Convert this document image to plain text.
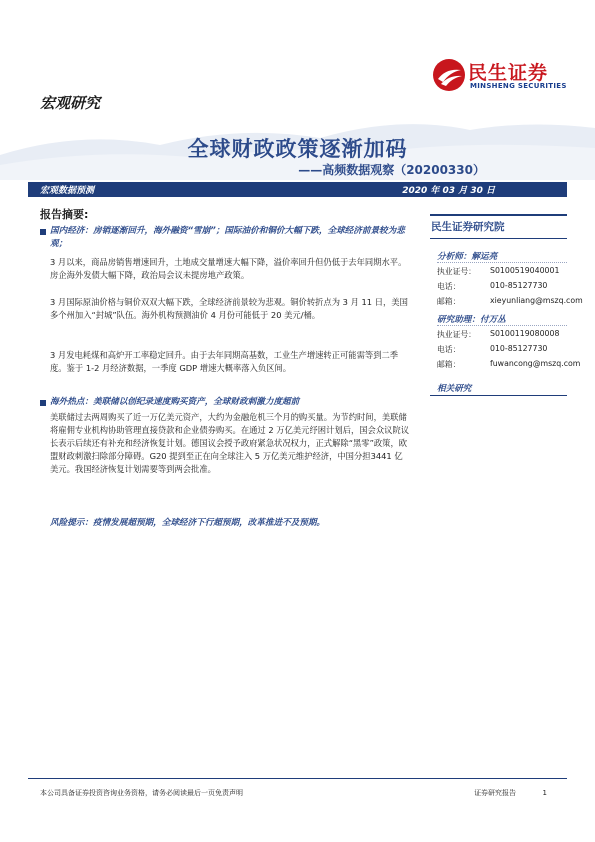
民生证券
MINSHENG SECURITIES
宏观研究
全球财政政策逐渐加码
——高频数据观察（20200330）
宏观数据预测	2020 年 03 月 30 日
报告摘要:
国内经济：房销逐渐回升，海外融资“雪崩”；国际油价和铜价大幅下跌，全球经济前景较为悲观；
3 月以来，商品房销售增速回升，土地成交量增速大幅下降，溢价率回升但仍低于去年同期水平。房企海外发债大幅下降，政治局会议未提房地产政策。
3 月国际原油价格与铜价双双大幅下跌，全球经济前景较为悲观。铜价转折点为 3 月 11 日，美国多个州加入“封城”队伍。海外机构预测油价 4 月份可能低于 20 美元/桶。
3 月发电耗煤和高炉开工率稳定回升。由于去年同期高基数，工业生产增速转正可能需等到二季度。鉴于 1-2 月经济数据，一季度 GDP 增速大概率落入负区间。
海外热点：美联储以创纪录速度购买资产，全球财政刺激力度超前
美联储过去两周购买了近一万亿美元资产，大约为金融危机三个月的购买量。为节约时间，美联储将雇佣专业机构协助管理直接贷款和企业债券购买。在通过 2 万亿美元纾困计划后，国会众议院议长表示后续还有补充和经济恢复计划。德国议会授予政府紧急状况权力，正式解除“黑零”政策，欧盟财政刺激扫除部分障碍。G20 提到至正在向全球注入 5 万亿美元维护经济，中国分担3441 亿美元。我国经济恢复计划需要等到两会批准。
风险提示：疫情发展超预期，全球经济下行超预期，改革推进不及预期。
民生证券研究院
分析师：解运亮
执业证号： S0100519040001
电话：	010-85127730
邮箱：	xieyunliang@mszq.com
研究助理：付万丛
执业证号： S0100119080008
电话：	010-85127730
邮箱：	fuwancong@mszq.com
相关研究
本公司具备证券投资咨询业务资格，请务必阅读最后一页免责声明	证券研究报告	1
